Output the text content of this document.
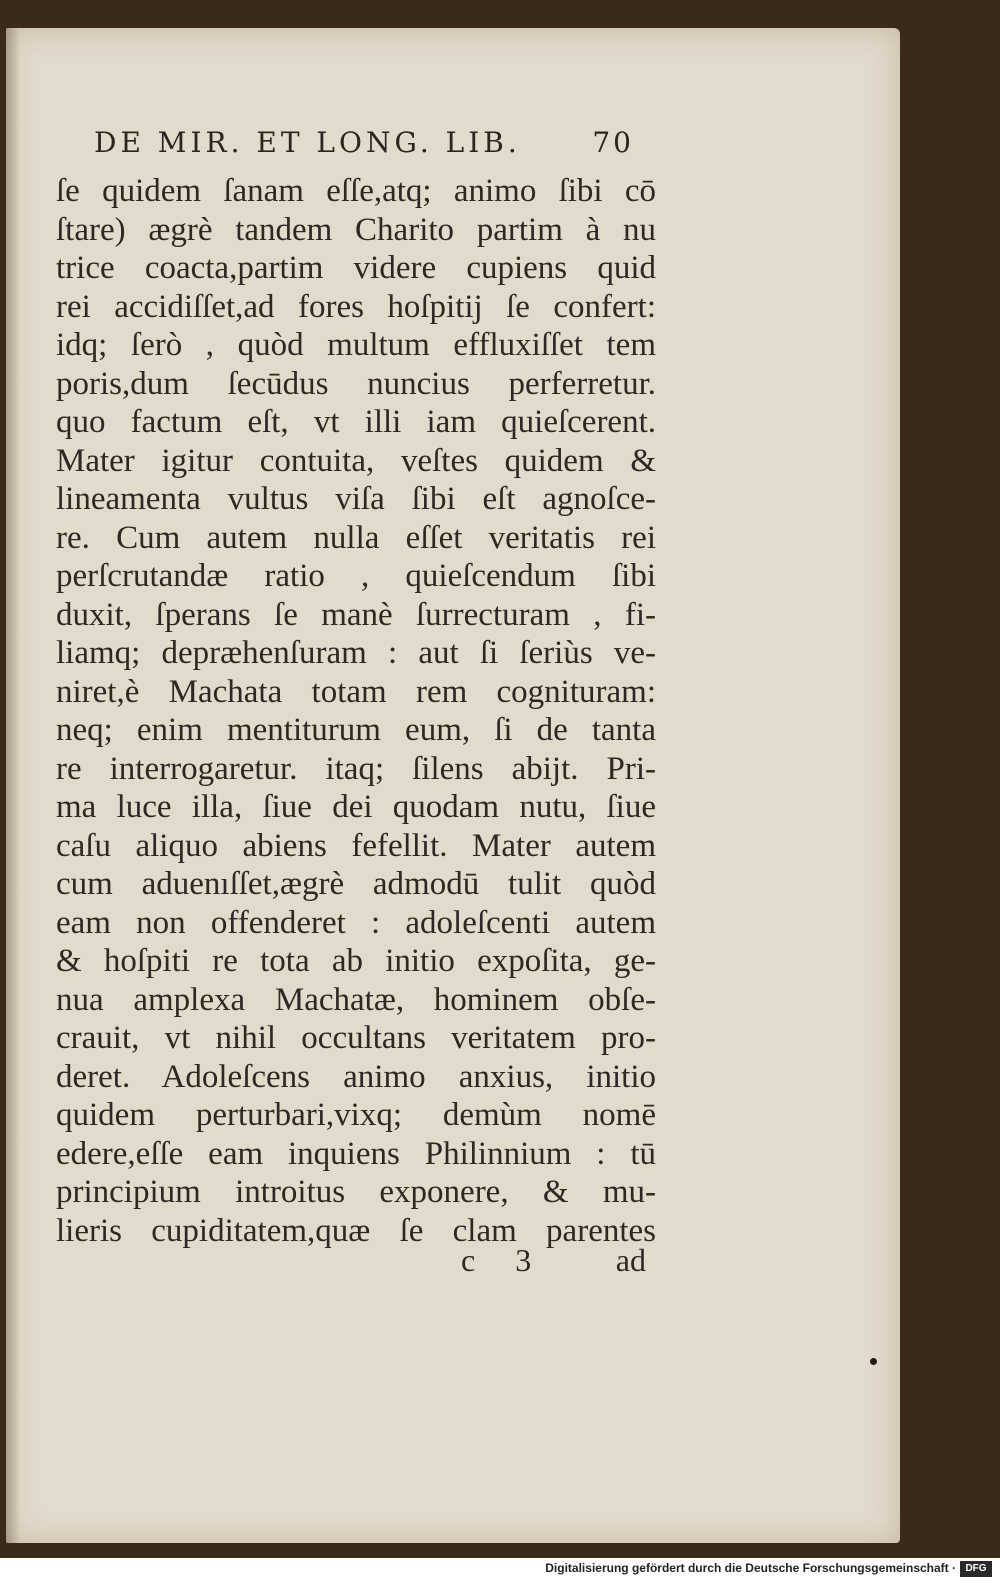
DE MIR. ET LONG. LIB.	70
ſe quidem ſanam eſſe,atq; animo ſibi cō
ſtare) ægrè tandem Charito partim à nu
trice coacta,partim videre cupiens quid
rei accidiſſet,ad fores hoſpitij ſe confert:
idq; ſerò , quòd multum effluxiſſet tem
poris,dum ſecūdus nuncius perferretur.
quo factum eſt, vt illi iam quieſcerent.
Mater igitur contuita, veſtes quidem &
lineamenta vultus viſa ſibi eſt agnoſce-
re. Cum autem nulla eſſet veritatis rei
perſcrutandæ ratio , quieſcendum ſibi
duxit, ſperans ſe manè ſurrecturam , fi-
liamq; depræhenſuram : aut ſi ſeriùs ve-
niret,è Machata totam rem cognituram:
neq; enim mentiturum eum, ſi de tanta
re interrogaretur. itaq; ſilens abijt. Pri-
ma luce illa, ſiue dei quodam nutu, ſiue
caſu aliquo abiens fefellit. Mater autem
cum aduenıſſet,ægrè admodū tulit quòd
eam non offenderet : adoleſcenti autem
& hoſpiti re tota ab initio expoſita, ge-
nua amplexa Machatæ, hominem obſe-
crauit, vt nihil occultans veritatem pro-
deret. Adoleſcens animo anxius, initio
quidem perturbari,vixq; demùm nomē
edere,eſſe eam inquiens Philinnium : tū
principium introitus exponere, & mu-
lieris cupiditatem,quæ ſe clam parentes
c 3 ad
Digitalisierung gefördert durch die Deutsche Forschungsgemeinschaft · DFG
